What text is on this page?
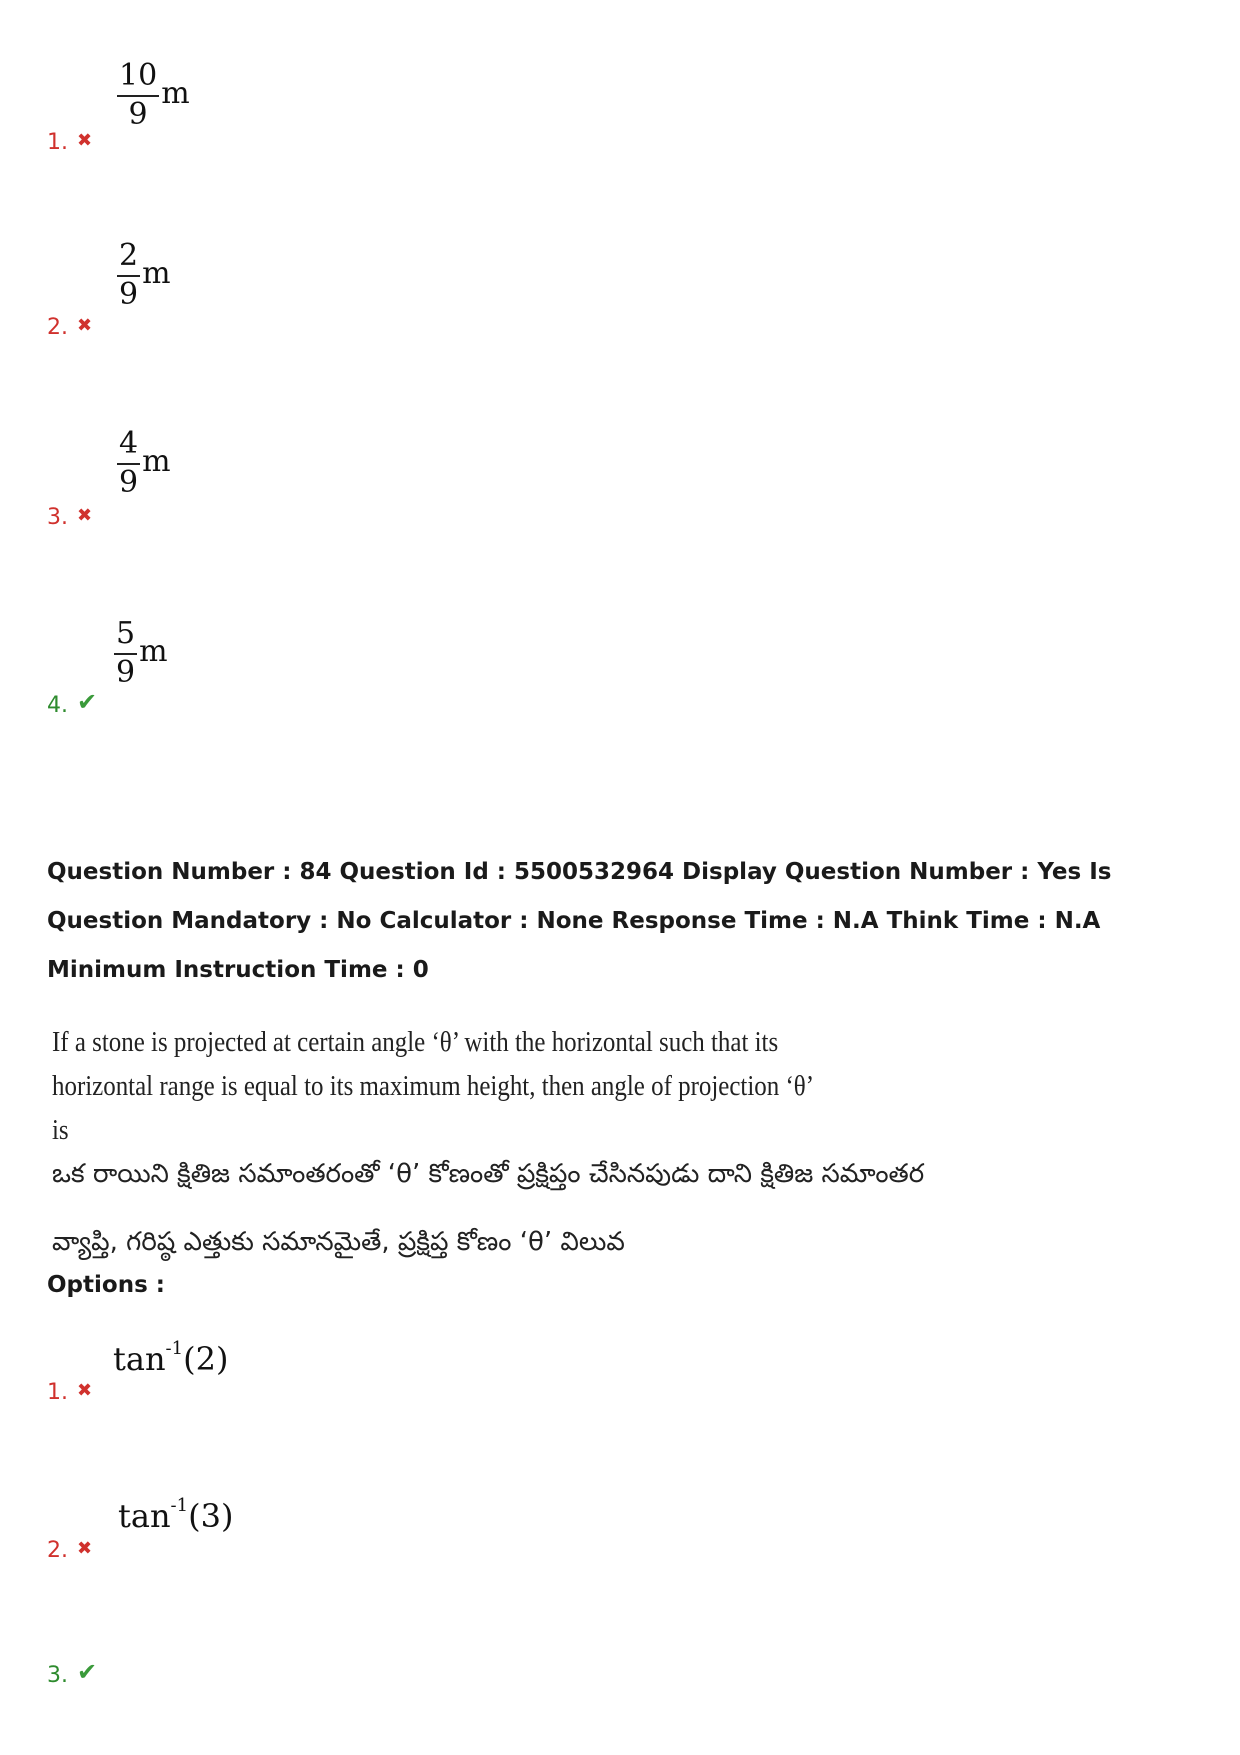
$\frac{10}{9}$ m
1. ✖
$\frac{2}{9}$ m
2. ✖
$\frac{4}{9}$ m
3. ✖
$\frac{5}{9}$ m
4. ✔
Question Number : 84 Question Id : 5500532964 Display Question Number : Yes Is Question Mandatory : No Calculator : None Response Time : N.A Think Time : N.A Minimum Instruction Time : 0
If a stone is projected at certain angle ‘θ’ with the horizontal such that its horizontal range is equal to its maximum height, then angle of projection ‘θ’ is
ఒక రాయిని క్షితిజ సమాంతరంతో ‘θ’ కోణంతో ప్రక్షిప్తం చేసినపుడు దాని క్షితిజ సమాంతర
వ్యాప్తి, గరిష్ఠ ఎత్తుకు సమానమైతే, ప్రక్షిప్త కోణం ‘θ’ విలువ
Options :
$\tan^{-1}(2)$
1. ✖
$\tan^{-1}(3)$
2. ✖
3. ✔
